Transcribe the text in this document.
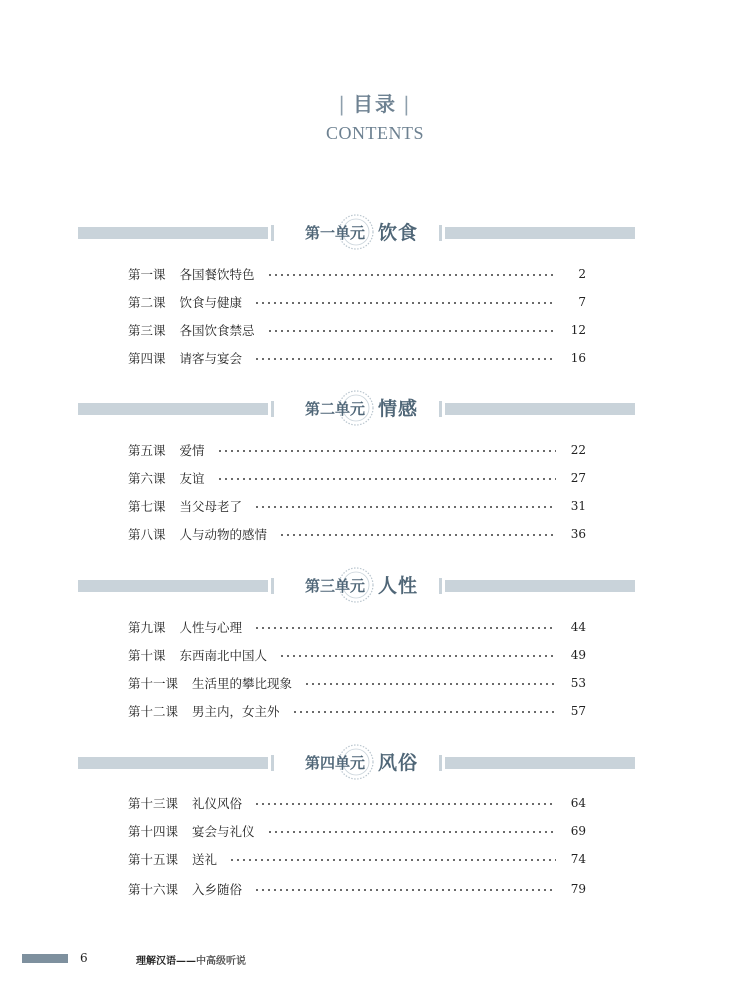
| 目录 |
CONTENTS
第一单元 饮食
第一课 各国餐饮特色	2
第二课 饮食与健康	7
第三课 各国饮食禁忌	12
第四课 请客与宴会	16
第二单元 情感
第五课 爱情	22
第六课 友谊	27
第七课 当父母老了	31
第八课 人与动物的感情	36
第三单元 人性
第九课 人性与心理	44
第十课 东西南北中国人	49
第十一课 生活里的攀比现象	53
第十二课 男主内，女主外	57
第四单元 风俗
第十三课 礼仪风俗	64
第十四课 宴会与礼仪	69
第十五课 送礼	74
第十六课 入乡随俗	79
6	理解汉语——中高级听说
